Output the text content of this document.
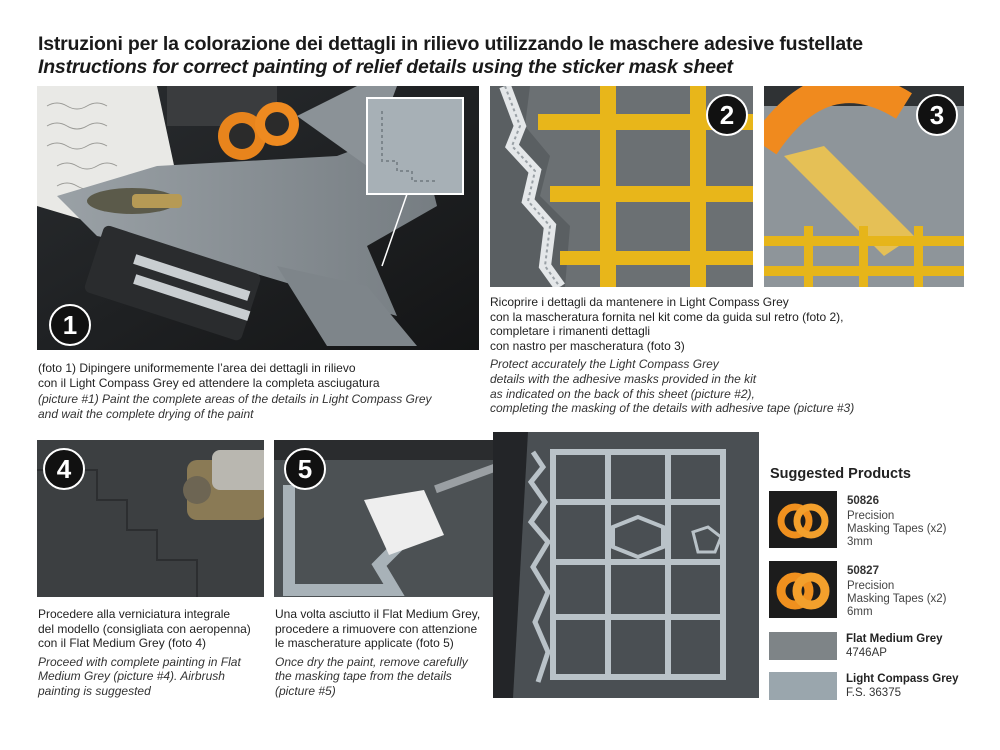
Istruzioni per la colorazione dei dettagli in rilievo utilizzando le maschere adesive fustellate
Instructions for correct painting of relief details using the sticker mask sheet
1
2	3

(foto 1) Dipingere uniformemente l’area dei dettagli in rilievo

con il Light Compass Grey ed attendere la completa asciugatura

(picture #1) Paint the complete areas of the details in Light Compass Grey

and wait the complete drying of the paint

Ricoprire i dettagli da mantenere in Light Compass Grey

con la mascheratura fornita nel kit come da guida sul retro (foto 2),

completare i rimanenti dettagli

con nastro per mascheratura (foto 3)

Protect accurately the Light Compass Grey

details with the adhesive masks provided in the kit

as indicated on the back of this sheet (picture #2),

completing the masking of the details with adhesive tape (picture #3)

4	5

Procedere alla verniciatura integrale

del modello (consigliata con aeropenna)

con il Flat Medium Grey (foto 4)

Proceed with complete painting in Flat

Medium Grey (picture #4). Airbrush

painting is suggested

Una volta asciutto il Flat Medium Grey,

procedere a rimuovere con attenzione

le mascherature applicate (foto 5)

Once dry the paint, remove carefully

the masking tape from the details

(picture #5)

Suggested Products
50826
Precision
Masking Tapes (x2)
3mm
50827
Precision
Masking Tapes (x2)
6mm
Flat Medium Grey
4746AP
Light Compass Grey
F.S. 36375
